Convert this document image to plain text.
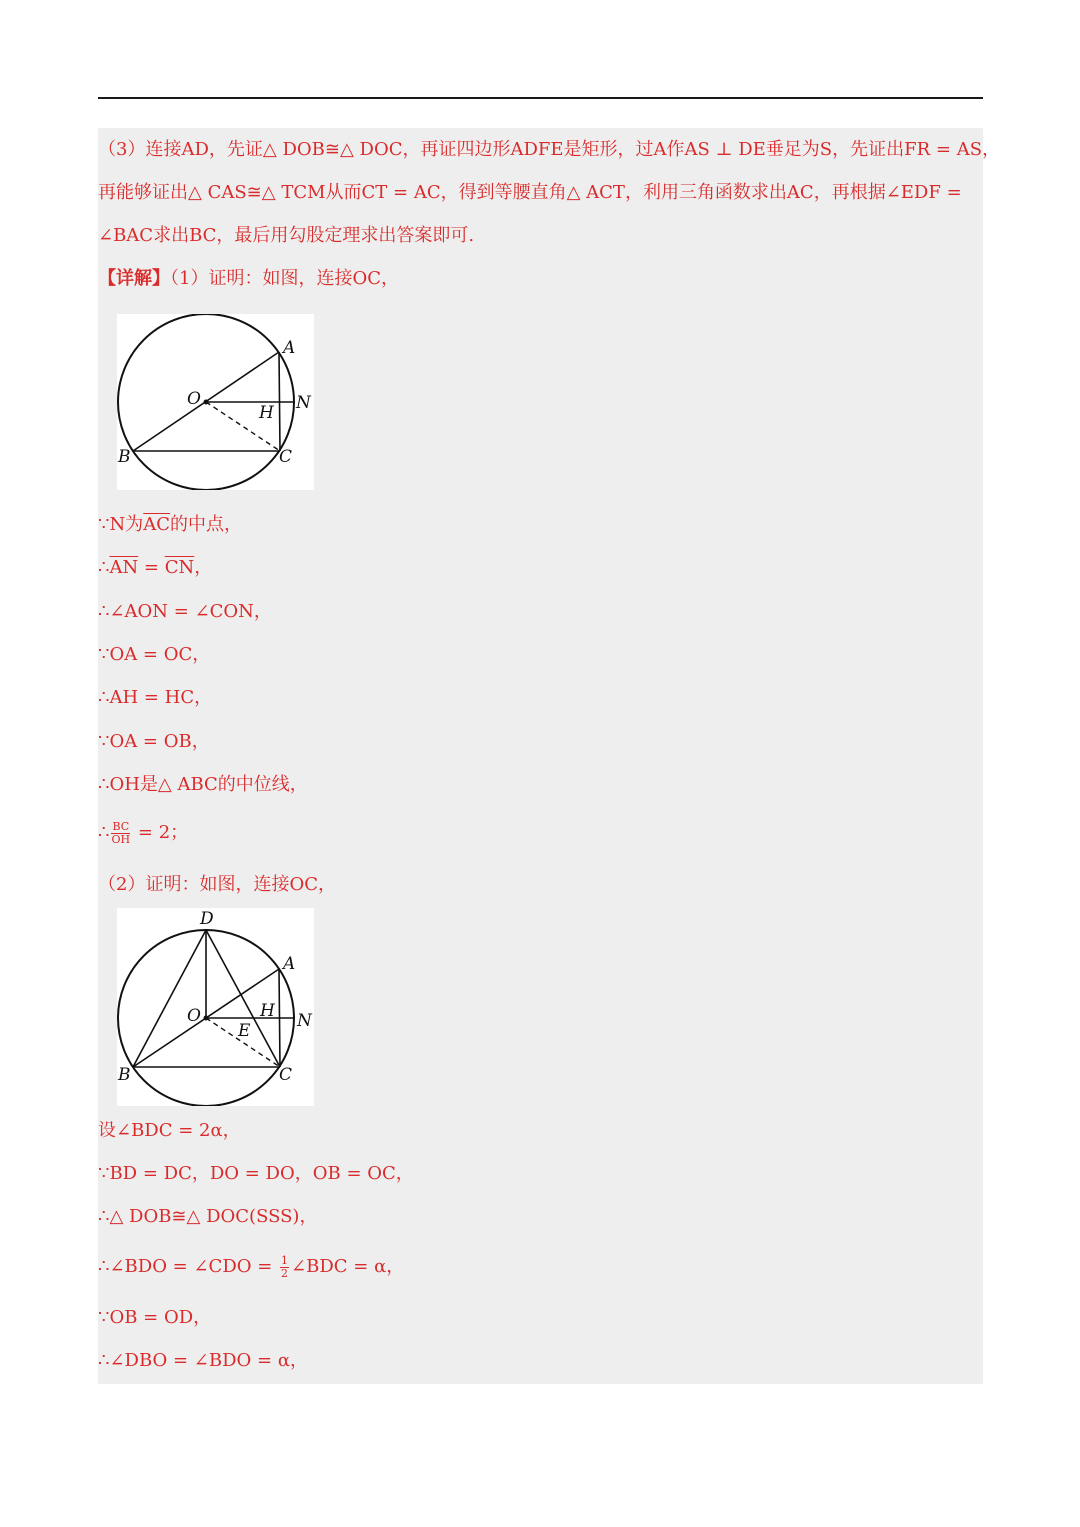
（3）连接AD，先证△ DOB≅△ DOC，再证四边形ADFE是矩形，过A作AS ⊥ DE垂足为S，先证出FR = AS，
再能够证出△ CAS≅△ TCM从而CT = AC，得到等腰直角△ ACT，利用三角函数求出AC，再根据∠EDF =
∠BAC求出BC，最后用勾股定理求出答案即可.
【详解】（1）证明：如图，连接OC，
O
A
N
H
B	C
∵N为$\overline{AC}$的中点，
$\therefore\overline{AN} = \overline{CN}$，
∴∠AON = ∠CON，
∵OA = OC，
∴AH = HC，
∵OA = OB，
∴OH是△ ABC的中位线，
∴ $\frac{BC}{OH} = 2$；
（2）证明：如图，连接OC，
D
A
O	H N
E
B	C
设∠BDC = 2α，
∵BD = DC，DO = DO，OB = OC，
∴△ DOB≅△ DOC(SSS)，
∴∠BDO = ∠CDO = $\frac{1}{2}$ ∠BDC = α，
∵OB = OD，
∴∠DBO = ∠BDO = α，
